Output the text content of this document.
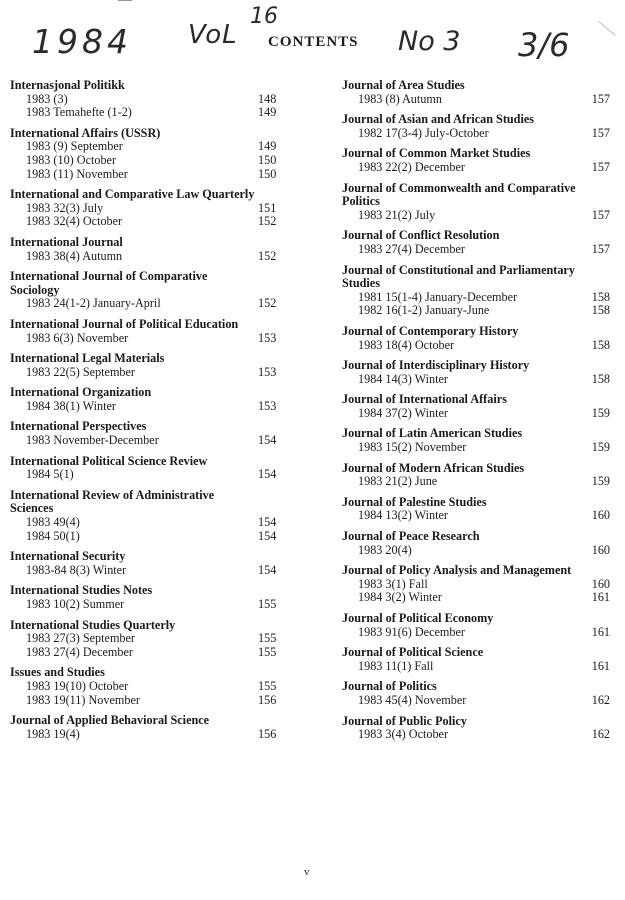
1984 VoL
16
No 3 3/6
CONTENTS
Internasjonal Politikk
1983 (3)	148
1983 Temahefte (1-2)	149
International Affairs (USSR)
1983 (9) September	149
1983 (10) October	150
1983 (11) November	150
International and Comparative Law Quarterly
1983 32(3) July	151
1983 32(4) October	152
International Journal
1983 38(4) Autumn	152
International Journal of Comparative
Sociology
1983 24(1-2) January-April	152
International Journal of Political Education
1983 6(3) November	153
International Legal Materials
1983 22(5) September	153
International Organization
1984 38(1) Winter	153
International Perspectives
1983 November-December	154
International Political Science Review
1984 5(1)	154
International Review of Administrative
Sciences
1983 49(4)	154
1984 50(1)	154
International Security
1983-84 8(3) Winter	154
International Studies Notes
1983 10(2) Summer	155
International Studies Quarterly
1983 27(3) September	155
1983 27(4) December	155
Issues and Studies
1983 19(10) October	155
1983 19(11) November	156
Journal of Applied Behavioral Science
1983 19(4)	156
Journal of Area Studies
1983 (8) Autumn	157
Journal of Asian and African Studies
1982 17(3-4) July-October	157
Journal of Common Market Studies
1983 22(2) December	157
Journal of Commonwealth and Comparative
Politics
1983 21(2) July	157
Journal of Conflict Resolution
1983 27(4) December	157
Journal of Constitutional and Parliamentary
Studies
1981 15(1-4) January-December	158
1982 16(1-2) January-June	158
Journal of Contemporary History
1983 18(4) October	158
Journal of Interdisciplinary History
1984 14(3) Winter	158
Journal of International Affairs
1984 37(2) Winter	159
Journal of Latin American Studies
1983 15(2) November	159
Journal of Modern African Studies
1983 21(2) June	159
Journal of Palestine Studies
1984 13(2) Winter	160
Journal of Peace Research
1983 20(4)	160
Journal of Policy Analysis and Management
1983 3(1) Fall	160
1984 3(2) Winter	161
Journal of Political Economy
1983 91(6) December	161
Journal of Political Science
1983 11(1) Fall	161
Journal of Politics
1983 45(4) November	162
Journal of Public Policy
1983 3(4) October	162
v
